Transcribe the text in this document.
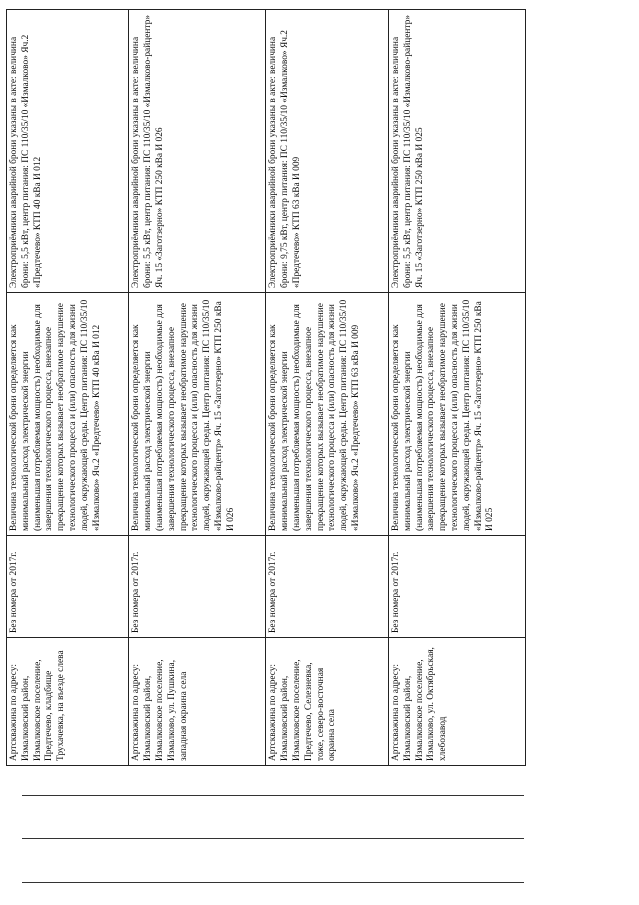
Артскважина по адресу: Измалковский район, Измалковское поселение, Предтечево, кладбище Трухачевка, на въезде слева	Без номера от 2017г.	Величина технологической брони определяется как минимальный расход электрической энергии (наименьшая потребляемая мощность) необходимые для завершения технологического процесса, внезапное прекращение которых вызывает необратимое нарушение технологического процесса и (или) опасность для жизни людей, окружающей среды. Центр питания: ПС 110/35/10 «Измалково» Яч.2 «Предтечево» КТП 40 кВа И 012	Электроприёмники аварийной брони указаны в акте: величина брони: 5,5 кВт, центр питания: ПС 110/35/10 «Измалково» Яч.2 «Предтечево» КТП 40 кВа И 012
Артскважина по адресу: Измалковский район, Измалковское поселение, Измалково, ул. Пушкина, западная окраина села	Без номера от 2017г.	Величина технологической брони определяется как минимальный расход электрической энергии (наименьшая потребляемая мощность) необходимые для завершения технологического процесса, внезапное прекращение которых вызывает необратимое нарушение технологического процесса и (или) опасность для жизни людей, окружающей среды. Центр питания: ПС 110/35/10 «Измалково-райцентр» Яч. 15 «Заготзерно» КТП 250 кВа И 026	Электроприёмники аварийной брони указаны в акте: величина брони: 5,5 кВт, центр питания: ПС 110/35/10 «Измалково-райцентр» Яч. 15 «Заготзерно» КТП 250 кВа И 026
Артскважина по адресу: Измалковский район, Измалковское поселение, Предтечево, Селезневка, тоже, северо-восточная окраина села	Без номера от 2017г.	Величина технологической брони определяется как минимальный расход электрической энергии (наименьшая потребляемая мощность) необходимые для завершения технологического процесса, внезапное прекращение которых вызывает необратимое нарушение технологического процесса и (или) опасность для жизни людей, окружающей среды. Центр питания: ПС 110/35/10 «Измалково» Яч.2 «Предтечево» КТП 63 кВа И 009	Электроприёмники аварийной брони указаны в акте: величина брони: 9,75 кВт, центр питания: ПС 110/35/10 «Измалково» Яч.2 «Предтечево» КТП 63 кВа И 009
Артскважина по адресу: Измалковский район, Измалковское поселение, Измалково, ул. Октябрьская, хлебозавод	Без номера от 2017г.	Величина технологической брони определяется как минимальный расход электрической энергии (наименьшая потребляемая мощность) необходимые для завершения технологического процесса, внезапное прекращение которых вызывает необратимое нарушение технологического процесса и (или) опасность для жизни людей, окружающей среды. Центр питания: ПС 110/35/10 «Измалково-райцентр» Яч. 15 «Заготзерно» КТП 250 кВа И 025	Электроприёмники аварийной брони указаны в акте: величина брони: 5,5 кВт, центр питания: ПС 110/35/10 «Измалково-райцентр» Яч. 15 «Заготзерно» КТП 250 кВа И 025
